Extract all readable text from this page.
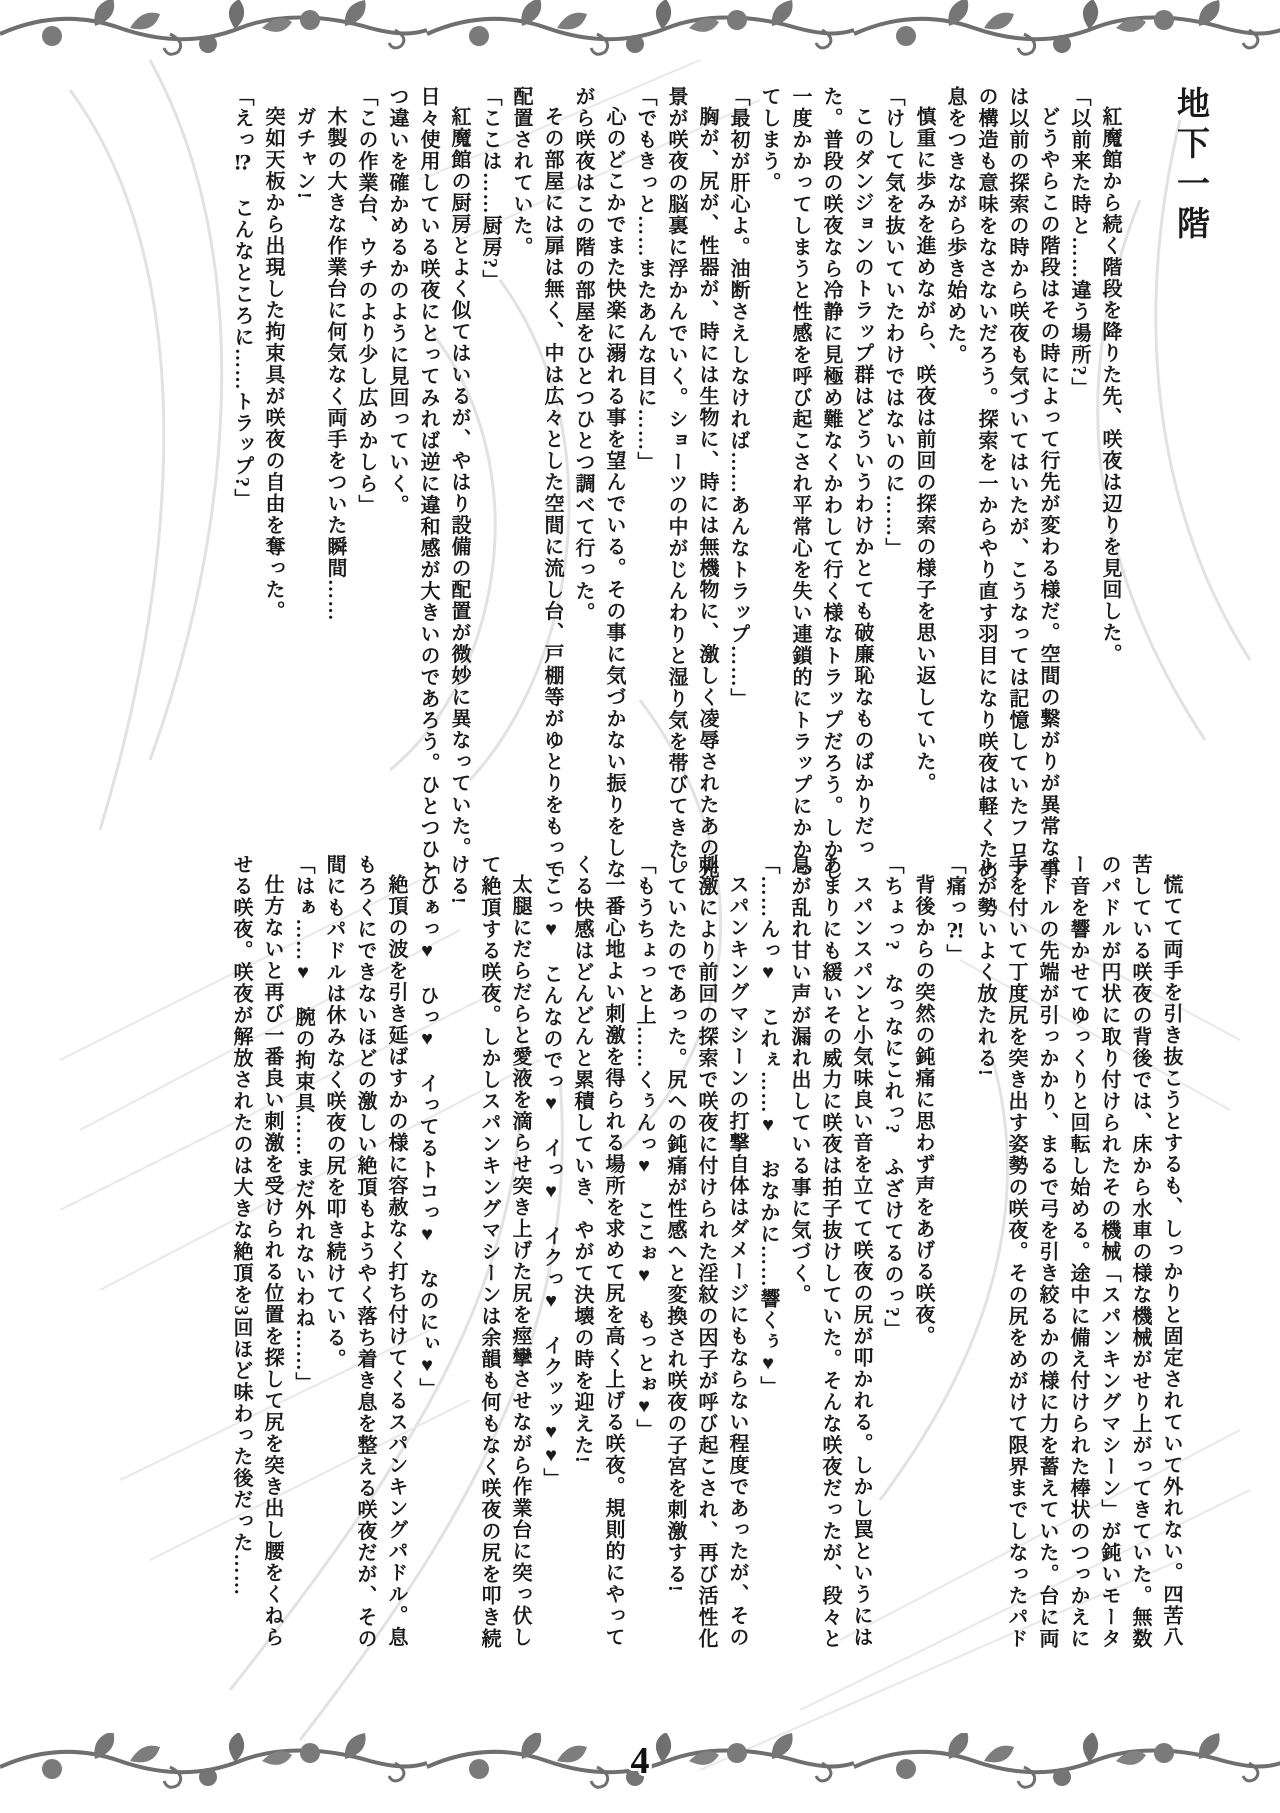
地下一階

紅魔館から続く階段を降りた先、咲夜は辺りを見回した。

「以前来た時と……違う場所?」

どうやらこの階段はその時によって行先が変わる様だ。空間の繋がりが異常な事は以前の探索の時から咲夜も気づいてはいたが、こうなっては記憶していたフロアの構造も意味をなさないだろう。探索を一からやり直す羽目になり咲夜は軽くため息をつきながら歩き始めた。

慎重に歩みを進めながら、咲夜は前回の探索の様子を思い返していた。

「けして気を抜いていたわけではないのに……」

このダンジョンのトラップ群はどういうわけかとても破廉恥なものばかりだった。普段の咲夜なら冷静に見極め難なくかわして行く様なトラップだろう。しかし一度かかってしまうと性感を呼び起こされ平常心を失い連鎖的にトラップにかかってしまう。

「最初が肝心よ。油断さえしなければ……あんなトラップ……」

胸が、尻が、性器が、時には生物に、時には無機物に、激しく凌辱されたあの光景が咲夜の脳裏に浮かんでいく。ショーツの中がじんわりと湿り気を帯びてきた。

「でもきっと……またあんな目に……」

心のどこかでまた快楽に溺れる事を望んでいる。その事に気づかない振りをしながら咲夜はこの階の部屋をひとつひとつ調べて行った。

その部屋には扉は無く、中は広々とした空間に流し台、戸棚等がゆとりをもって配置されていた。

「ここは……厨房?」

紅魔館の厨房とよく似てはいるが、やはり設備の配置が微妙に異なっていた。日々使用している咲夜にとってみれば逆に違和感が大きいのであろう。ひとつひとつ違いを確かめるかのように見回っていく。

「この作業台、ウチのより少し広めかしら」

木製の大きな作業台に何気なく両手をついた瞬間……

ガチャン!

突如天板から出現した拘束具が咲夜の自由を奪った。

「えっ⁉　こんなところに……トラップ?」

慌てて両手を引き抜こうとするも、しっかりと固定されていて外れない。四苦八苦している咲夜の背後では、床から水車の様な機械がせり上がってきていた。無数のパドルが円状に取り付けられたその機械「スパンキングマシーン」が鈍いモーター音を響かせてゆっくりと回転し始める。途中に備え付けられた棒状のつっかえにパドルの先端が引っかかり、まるで弓を引き絞るかの様に力を蓄えていた。台に両手を付いて丁度尻を突き出す姿勢の咲夜。その尻をめがけて限界までしなったパドルが勢いよく放たれる!

「痛っ⁈」

背後からの突然の鈍痛に思わず声をあげる咲夜。

「ちょっ?　なっなにこれっ?　ふざけてるのっ?」

スパンスパンと小気味良い音を立てて咲夜の尻が叩かれる。しかし罠というにはあまりにも緩いその威力に咲夜は拍子抜けしていた。そんな咲夜だったが、段々と息が乱れ甘い声が漏れ出している事に気づく。

「……んっ♥　これぇ……♥　おなかに……響くぅ♥」

スパンキングマシーンの打撃自体はダメージにもならない程度であったが、その刺激により前回の探索で咲夜に付けられた淫紋の因子が呼び起こされ、再び活性化していたのであった。尻への鈍痛が性感へと変換され咲夜の子宮を刺激する!

「もうちょっと上……くぅんっ♥　ここぉ♥　もっとぉ♥」

一番心地よい刺激を得られる場所を求めて尻を高く上げる咲夜。規則的にやってくる快感はどんどんと累積していき、やがて決壊の時を迎えた!

「こっ♥　こんなのでっ♥　イっ♥　イクっ♥　イクッッ♥♥」

太腿にだらだらと愛液を滴らせ突き上げた尻を痙攣させながら作業台に突っ伏して絶頂する咲夜。しかしスパンキングマシーンは余韻も何もなく咲夜の尻を叩き続ける!

「ひぁっ♥　ひっ♥　イってるトコっ♥　なのにぃ♥」

絶頂の波を引き延ばすかの様に容赦なく打ち付けてくるスパンキングパドル。息もろくにできないほどの激しい絶頂もようやく落ち着き息を整える咲夜だが、その間にもパドルは休みなく咲夜の尻を叩き続けている。

「はぁ……♥　腕の拘束具……まだ外れないわね……」

仕方ないと再び一番良い刺激を受けられる位置を探して尻を突き出し腰をくねらせる咲夜。咲夜が解放されたのは大きな絶頂を3回ほど味わった後だった……

4
